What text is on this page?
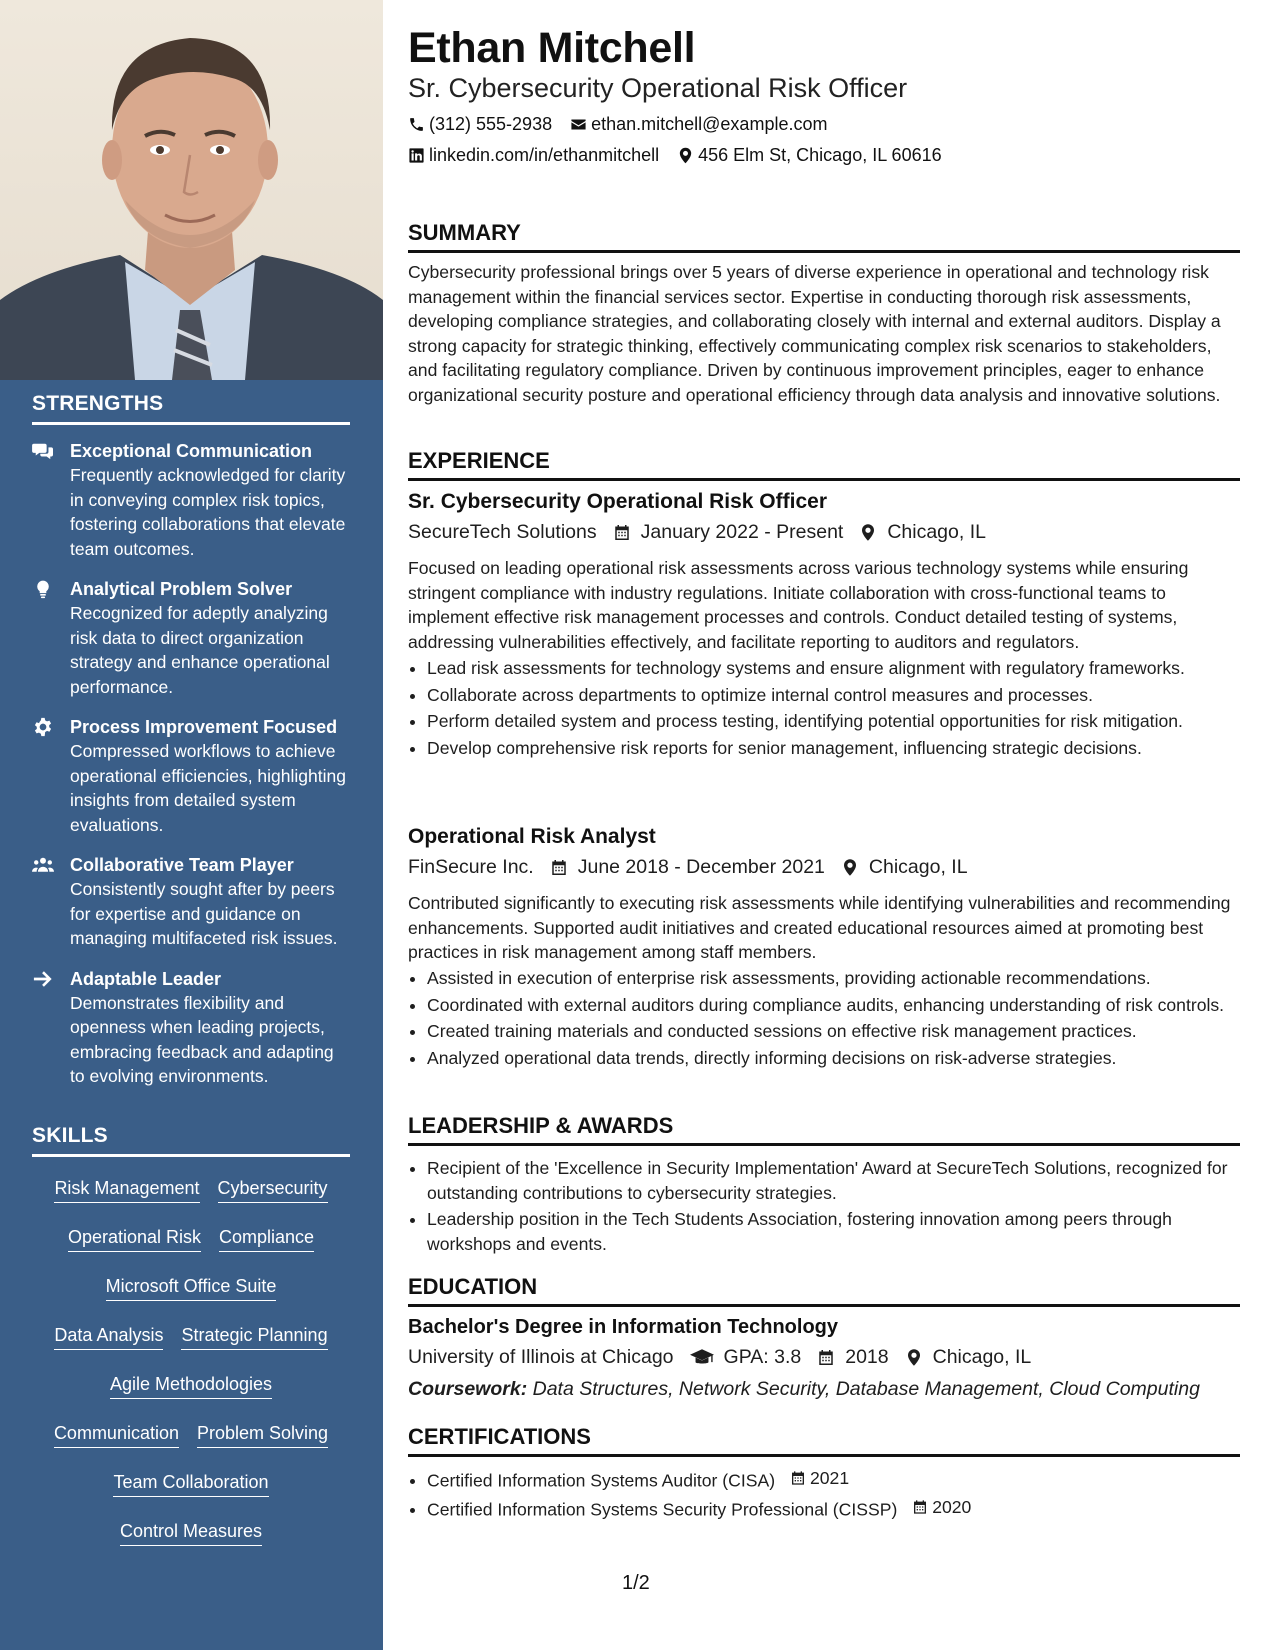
STRENGTHS
Exceptional Communication
Frequently acknowledged for clarity in conveying complex risk topics, fostering collaborations that elevate team outcomes.
Analytical Problem Solver
Recognized for adeptly analyzing risk data to direct organization strategy and enhance operational performance.
Process Improvement Focused
Compressed workflows to achieve operational efficiencies, highlighting insights from detailed system evaluations.
Collaborative Team Player
Consistently sought after by peers for expertise and guidance on managing multifaceted risk issues.
Adaptable Leader
Demonstrates flexibility and openness when leading projects, embracing feedback and adapting to evolving environments.
SKILLS
Risk Management Cybersecurity
Operational Risk Compliance
Microsoft Office Suite
Data Analysis Strategic Planning
Agile Methodologies
Communication Problem Solving
Team Collaboration
Control Measures
Ethan Mitchell
Sr. Cybersecurity Operational Risk Officer
(312) 555-2938 ethan.mitchell@example.com
linkedin.com/in/ethanmitchell 456 Elm St, Chicago, IL 60616
SUMMARY
Cybersecurity professional brings over 5 years of diverse experience in operational and technology risk management within the financial services sector. Expertise in conducting thorough risk assessments, developing compliance strategies, and collaborating closely with internal and external auditors. Display a strong capacity for strategic thinking, effectively communicating complex risk scenarios to stakeholders, and facilitating regulatory compliance. Driven by continuous improvement principles, eager to enhance organizational security posture and operational efficiency through data analysis and innovative solutions.
EXPERIENCE
Sr. Cybersecurity Operational Risk Officer
SecureTech Solutions January 2022 - Present Chicago, IL
Focused on leading operational risk assessments across various technology systems while ensuring stringent compliance with industry regulations. Initiate collaboration with cross-functional teams to implement effective risk management processes and controls. Conduct detailed testing of systems, addressing vulnerabilities effectively, and facilitate reporting to auditors and regulators.
• Lead risk assessments for technology systems and ensure alignment with regulatory frameworks.
• Collaborate across departments to optimize internal control measures and processes.
• Perform detailed system and process testing, identifying potential opportunities for risk mitigation.
• Develop comprehensive risk reports for senior management, influencing strategic decisions.
Operational Risk Analyst
FinSecure Inc. June 2018 - December 2021 Chicago, IL
Contributed significantly to executing risk assessments while identifying vulnerabilities and recommending enhancements. Supported audit initiatives and created educational resources aimed at promoting best practices in risk management among staff members.
• Assisted in execution of enterprise risk assessments, providing actionable recommendations.
• Coordinated with external auditors during compliance audits, enhancing understanding of risk controls.
• Created training materials and conducted sessions on effective risk management practices.
• Analyzed operational data trends, directly informing decisions on risk-adverse strategies.
LEADERSHIP & AWARDS
• Recipient of the 'Excellence in Security Implementation' Award at SecureTech Solutions, recognized for outstanding contributions to cybersecurity strategies.
• Leadership position in the Tech Students Association, fostering innovation among peers through workshops and events.
EDUCATION
Bachelor's Degree in Information Technology
University of Illinois at Chicago	GPA: 3.8 2018 Chicago, IL
Coursework: Data Structures, Network Security, Database Management, Cloud Computing
CERTIFICATIONS
• Certified Information Systems Auditor (CISA) 2021
• Certified Information Systems Security Professional (CISSP) 2020
1/2
